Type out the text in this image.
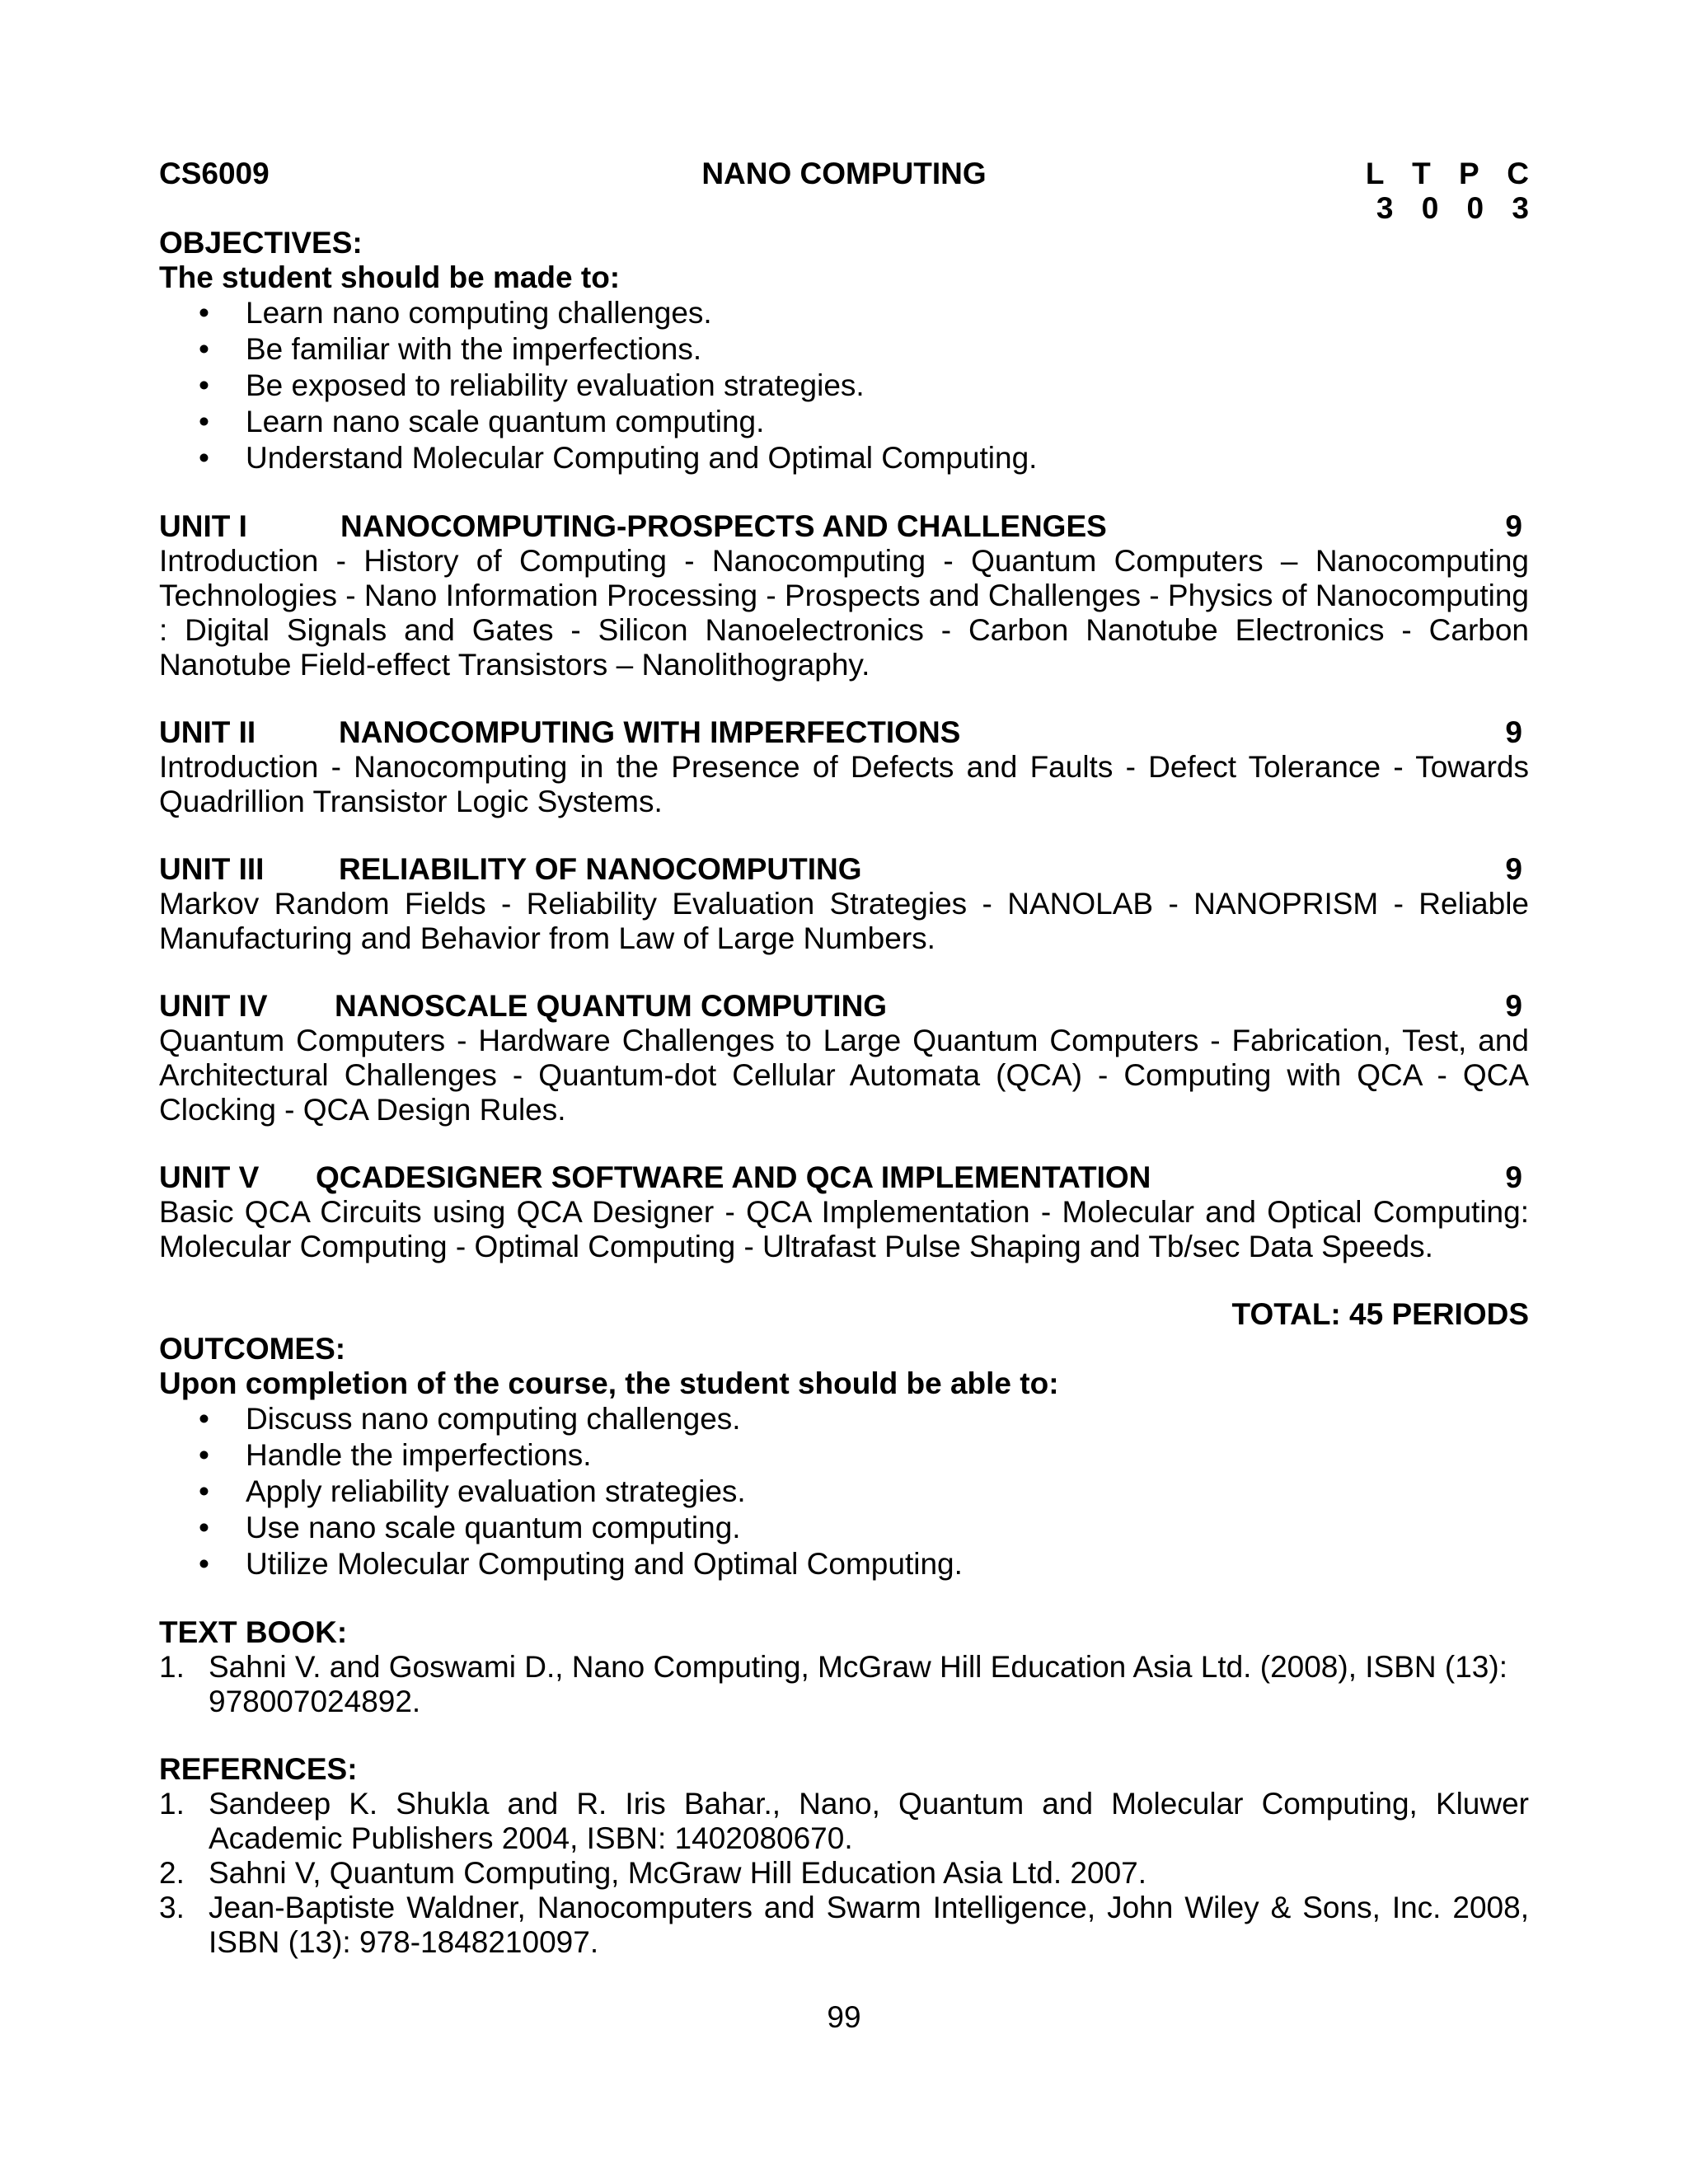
CS6009	NANO COMPUTING	L T P C
3 0 0 3
OBJECTIVES:
The student should be made to:
• Learn nano computing challenges.
• Be familiar with the imperfections.
• Be exposed to reliability evaluation strategies.
• Learn nano scale quantum computing.
• Understand Molecular Computing and Optimal Computing.
UNIT I	NANOCOMPUTING-PROSPECTS AND CHALLENGES	9
Introduction - History of Computing - Nanocomputing - Quantum Computers – Nanocomputing Technologies - Nano Information Processing - Prospects and Challenges - Physics of Nanocomputing : Digital Signals and Gates - Silicon Nanoelectronics - Carbon Nanotube Electronics - Carbon Nanotube Field-effect Transistors – Nanolithography.
UNIT II	NANOCOMPUTING WITH IMPERFECTIONS	9
Introduction - Nanocomputing in the Presence of Defects and Faults - Defect Tolerance - Towards Quadrillion Transistor Logic Systems.
UNIT III RELIABILITY OF NANOCOMPUTING	9
Markov Random Fields - Reliability Evaluation Strategies - NANOLAB - NANOPRISM - Reliable Manufacturing and Behavior from Law of Large Numbers.
UNIT IV NANOSCALE QUANTUM COMPUTING	9
Quantum Computers - Hardware Challenges to Large Quantum Computers - Fabrication, Test, and Architectural Challenges - Quantum-dot Cellular Automata (QCA) - Computing with QCA - QCA Clocking - QCA Design Rules.
UNIT V QCADESIGNER SOFTWARE AND QCA IMPLEMENTATION	9
Basic QCA Circuits using QCA Designer - QCA Implementation - Molecular and Optical Computing: Molecular Computing - Optimal Computing - Ultrafast Pulse Shaping and Tb/sec Data Speeds.
TOTAL: 45 PERIODS
OUTCOMES:
Upon completion of the course, the student should be able to:
• Discuss nano computing challenges.
• Handle the imperfections.
• Apply reliability evaluation strategies.
• Use nano scale quantum computing.
• Utilize Molecular Computing and Optimal Computing.
TEXT BOOK:
1. Sahni V. and Goswami D., Nano Computing, McGraw Hill Education Asia Ltd. (2008), ISBN (13): 978007024892.
REFERNCES:
1. Sandeep K. Shukla and R. Iris Bahar., Nano, Quantum and Molecular Computing, Kluwer Academic Publishers 2004, ISBN: 1402080670.
2. Sahni V, Quantum Computing, McGraw Hill Education Asia Ltd. 2007.
3. Jean-Baptiste Waldner, Nanocomputers and Swarm Intelligence, John Wiley & Sons, Inc. 2008, ISBN (13): 978-1848210097.
99
